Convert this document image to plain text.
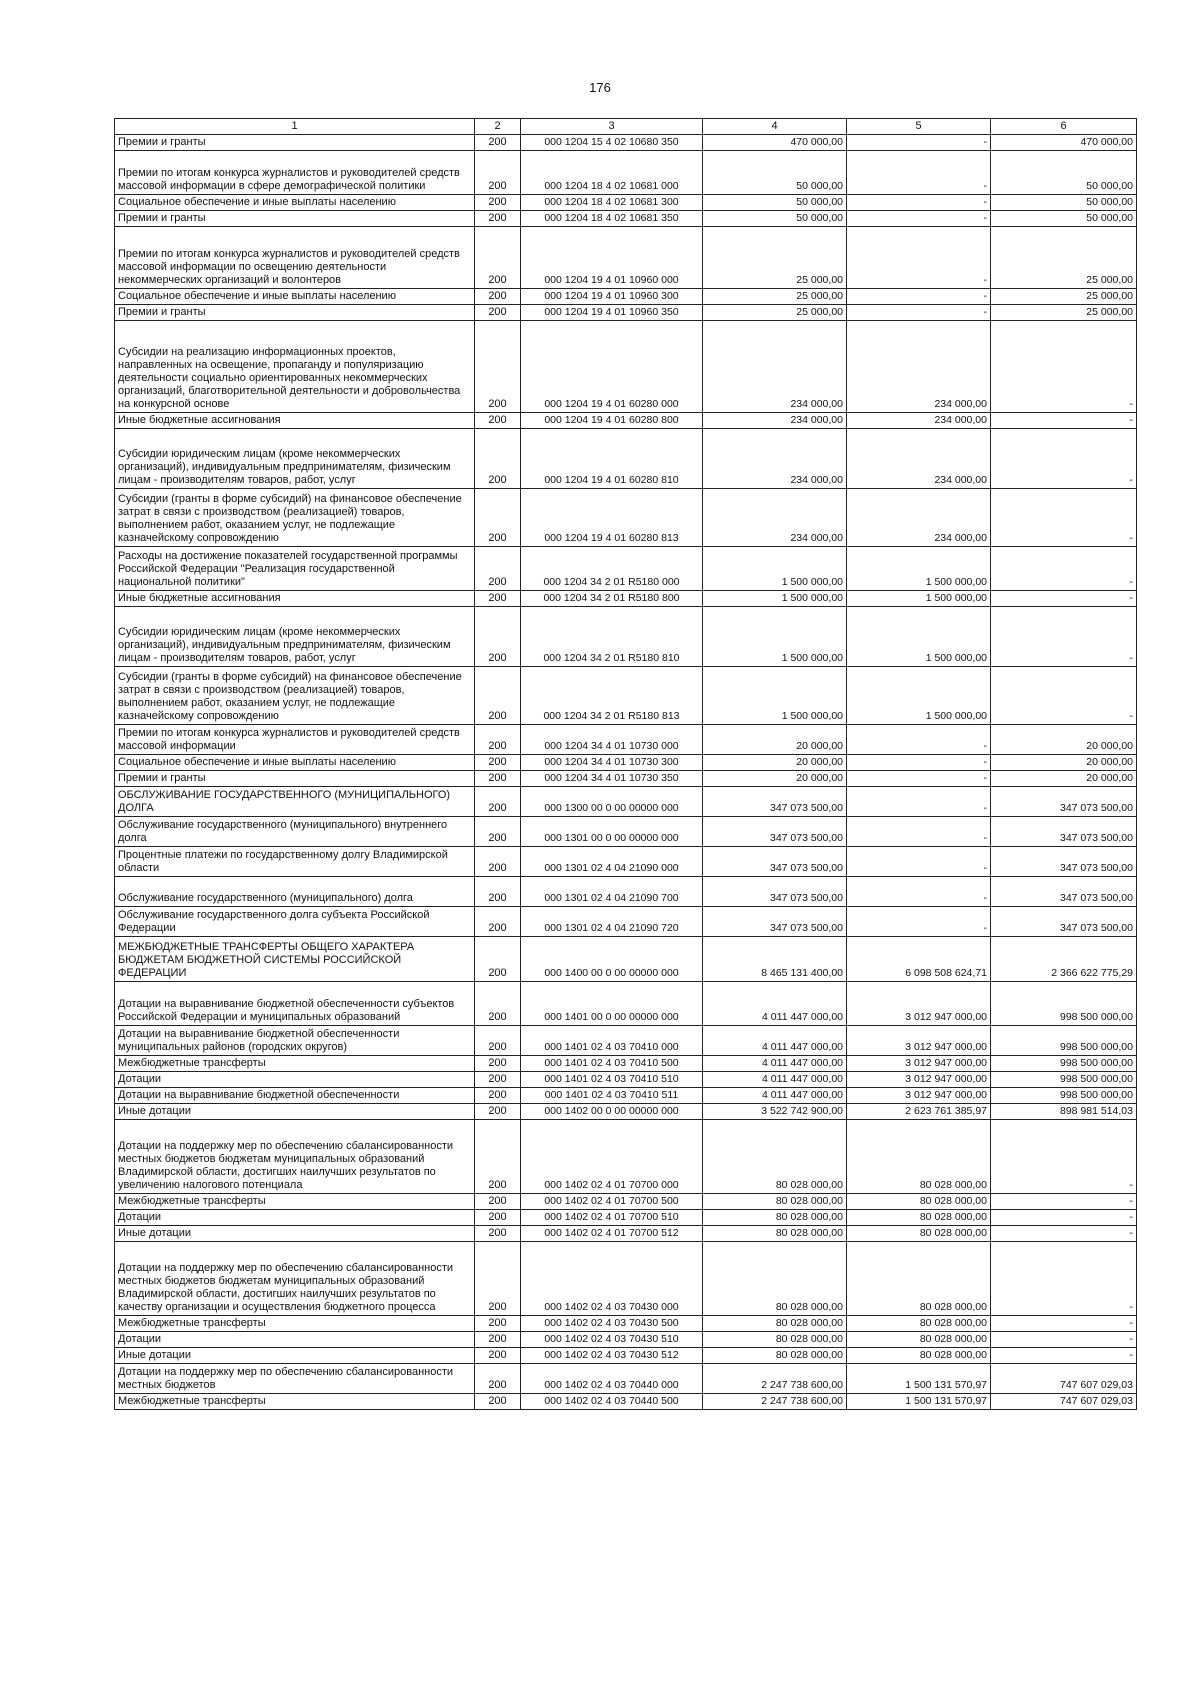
176
1	2	3	4	5	6
Премии и гранты	200	000 1204 15 4 02 10680 350	470 000,00	-	470 000,00
Премии по итогам конкурса журналистов и руководителей средств массовой информации в сфере демографической политики	200	000 1204 18 4 02 10681 000	50 000,00	-	50 000,00
Социальное обеспечение и иные выплаты населению	200	000 1204 18 4 02 10681 300	50 000,00	-	50 000,00
Премии и гранты	200	000 1204 18 4 02 10681 350	50 000,00	-	50 000,00
Премии по итогам конкурса журналистов и руководителей средств массовой информации по освещению деятельности некоммерческих организаций и волонтеров	200	000 1204 19 4 01 10960 000	25 000,00	-	25 000,00
Социальное обеспечение и иные выплаты населению	200	000 1204 19 4 01 10960 300	25 000,00	-	25 000,00
Премии и гранты	200	000 1204 19 4 01 10960 350	25 000,00	-	25 000,00
Субсидии на реализацию информационных проектов, направленных на освещение, пропаганду и популяризацию деятельности социально ориентированных некоммерческих организаций, благотворительной деятельности и добровольчества на конкурсной основе	200	000 1204 19 4 01 60280 000	234 000,00	234 000,00	-
Иные бюджетные ассигнования	200	000 1204 19 4 01 60280 800	234 000,00	234 000,00	-
Субсидии юридическим лицам (кроме некоммерческих организаций), индивидуальным предпринимателям, физическим лицам - производителям товаров, работ, услуг	200	000 1204 19 4 01 60280 810	234 000,00	234 000,00	-
Субсидии (гранты в форме субсидий) на финансовое обеспечение затрат в связи с производством (реализацией) товаров, выполнением работ, оказанием услуг, не подлежащие казначейскому сопровождению	200	000 1204 19 4 01 60280 813	234 000,00	234 000,00	-
Расходы на достижение показателей государственной программы Российской Федерации "Реализация государственной национальной политики"	200	000 1204 34 2 01 R5180 000	1 500 000,00	1 500 000,00	-
Иные бюджетные ассигнования	200	000 1204 34 2 01 R5180 800	1 500 000,00	1 500 000,00	-
Субсидии юридическим лицам (кроме некоммерческих организаций), индивидуальным предпринимателям, физическим лицам - производителям товаров, работ, услуг	200	000 1204 34 2 01 R5180 810	1 500 000,00	1 500 000,00	-
Субсидии (гранты в форме субсидий) на финансовое обеспечение затрат в связи с производством (реализацией) товаров, выполнением работ, оказанием услуг, не подлежащие казначейскому сопровождению	200	000 1204 34 2 01 R5180 813	1 500 000,00	1 500 000,00	-
Премии по итогам конкурса журналистов и руководителей средств массовой информации	200	000 1204 34 4 01 10730 000	20 000,00	-	20 000,00
Социальное обеспечение и иные выплаты населению	200	000 1204 34 4 01 10730 300	20 000,00	-	20 000,00
Премии и гранты	200	000 1204 34 4 01 10730 350	20 000,00	-	20 000,00
ОБСЛУЖИВАНИЕ ГОСУДАРСТВЕННОГО (МУНИЦИПАЛЬНОГО) ДОЛГА	200	000 1300 00 0 00 00000 000	347 073 500,00	-	347 073 500,00
Обслуживание государственного (муниципального) внутреннего долга	200	000 1301 00 0 00 00000 000	347 073 500,00	-	347 073 500,00
Процентные платежи по государственному долгу Владимирской области	200	000 1301 02 4 04 21090 000	347 073 500,00	-	347 073 500,00
Обслуживание государственного (муниципального) долга	200	000 1301 02 4 04 21090 700	347 073 500,00	-	347 073 500,00
Обслуживание государственного долга субъекта Российской Федерации	200	000 1301 02 4 04 21090 720	347 073 500,00	-	347 073 500,00
МЕЖБЮДЖЕТНЫЕ ТРАНСФЕРТЫ ОБЩЕГО ХАРАКТЕРА БЮДЖЕТАМ БЮДЖЕТНОЙ СИСТЕМЫ РОССИЙСКОЙ ФЕДЕРАЦИИ	200	000 1400 00 0 00 00000 000	8 465 131 400,00	6 098 508 624,71	2 366 622 775,29
Дотации на выравнивание бюджетной обеспеченности субъектов Российской Федерации и муниципальных образований	200	000 1401 00 0 00 00000 000	4 011 447 000,00	3 012 947 000,00	998 500 000,00
Дотации на выравнивание бюджетной обеспеченности муниципальных районов (городских округов)	200	000 1401 02 4 03 70410 000	4 011 447 000,00	3 012 947 000,00	998 500 000,00
Межбюджетные трансферты	200	000 1401 02 4 03 70410 500	4 011 447 000,00	3 012 947 000,00	998 500 000,00
Дотации	200	000 1401 02 4 03 70410 510	4 011 447 000,00	3 012 947 000,00	998 500 000,00
Дотации на выравнивание бюджетной обеспеченности	200	000 1401 02 4 03 70410 511	4 011 447 000,00	3 012 947 000,00	998 500 000,00
Иные дотации	200	000 1402 00 0 00 00000 000	3 522 742 900,00	2 623 761 385,97	898 981 514,03
Дотации на поддержку мер по обеспечению сбалансированности местных бюджетов бюджетам муниципальных образований Владимирской области, достигших наилучших результатов по увеличению налогового потенциала	200	000 1402 02 4 01 70700 000	80 028 000,00	80 028 000,00	-
Межбюджетные трансферты	200	000 1402 02 4 01 70700 500	80 028 000,00	80 028 000,00	-
Дотации	200	000 1402 02 4 01 70700 510	80 028 000,00	80 028 000,00	-
Иные дотации	200	000 1402 02 4 01 70700 512	80 028 000,00	80 028 000,00	-
Дотации на поддержку мер по обеспечению сбалансированности местных бюджетов бюджетам муниципальных образований Владимирской области, достигших наилучших результатов по качеству организации и осуществления бюджетного процесса	200	000 1402 02 4 03 70430 000	80 028 000,00	80 028 000,00	-
Межбюджетные трансферты	200	000 1402 02 4 03 70430 500	80 028 000,00	80 028 000,00	-
Дотации	200	000 1402 02 4 03 70430 510	80 028 000,00	80 028 000,00	-
Иные дотации	200	000 1402 02 4 03 70430 512	80 028 000,00	80 028 000,00	-
Дотации на поддержку мер по обеспечению сбалансированности местных бюджетов	200	000 1402 02 4 03 70440 000	2 247 738 600,00	1 500 131 570,97	747 607 029,03
Межбюджетные трансферты	200	000 1402 02 4 03 70440 500	2 247 738 600,00	1 500 131 570,97	747 607 029,03
